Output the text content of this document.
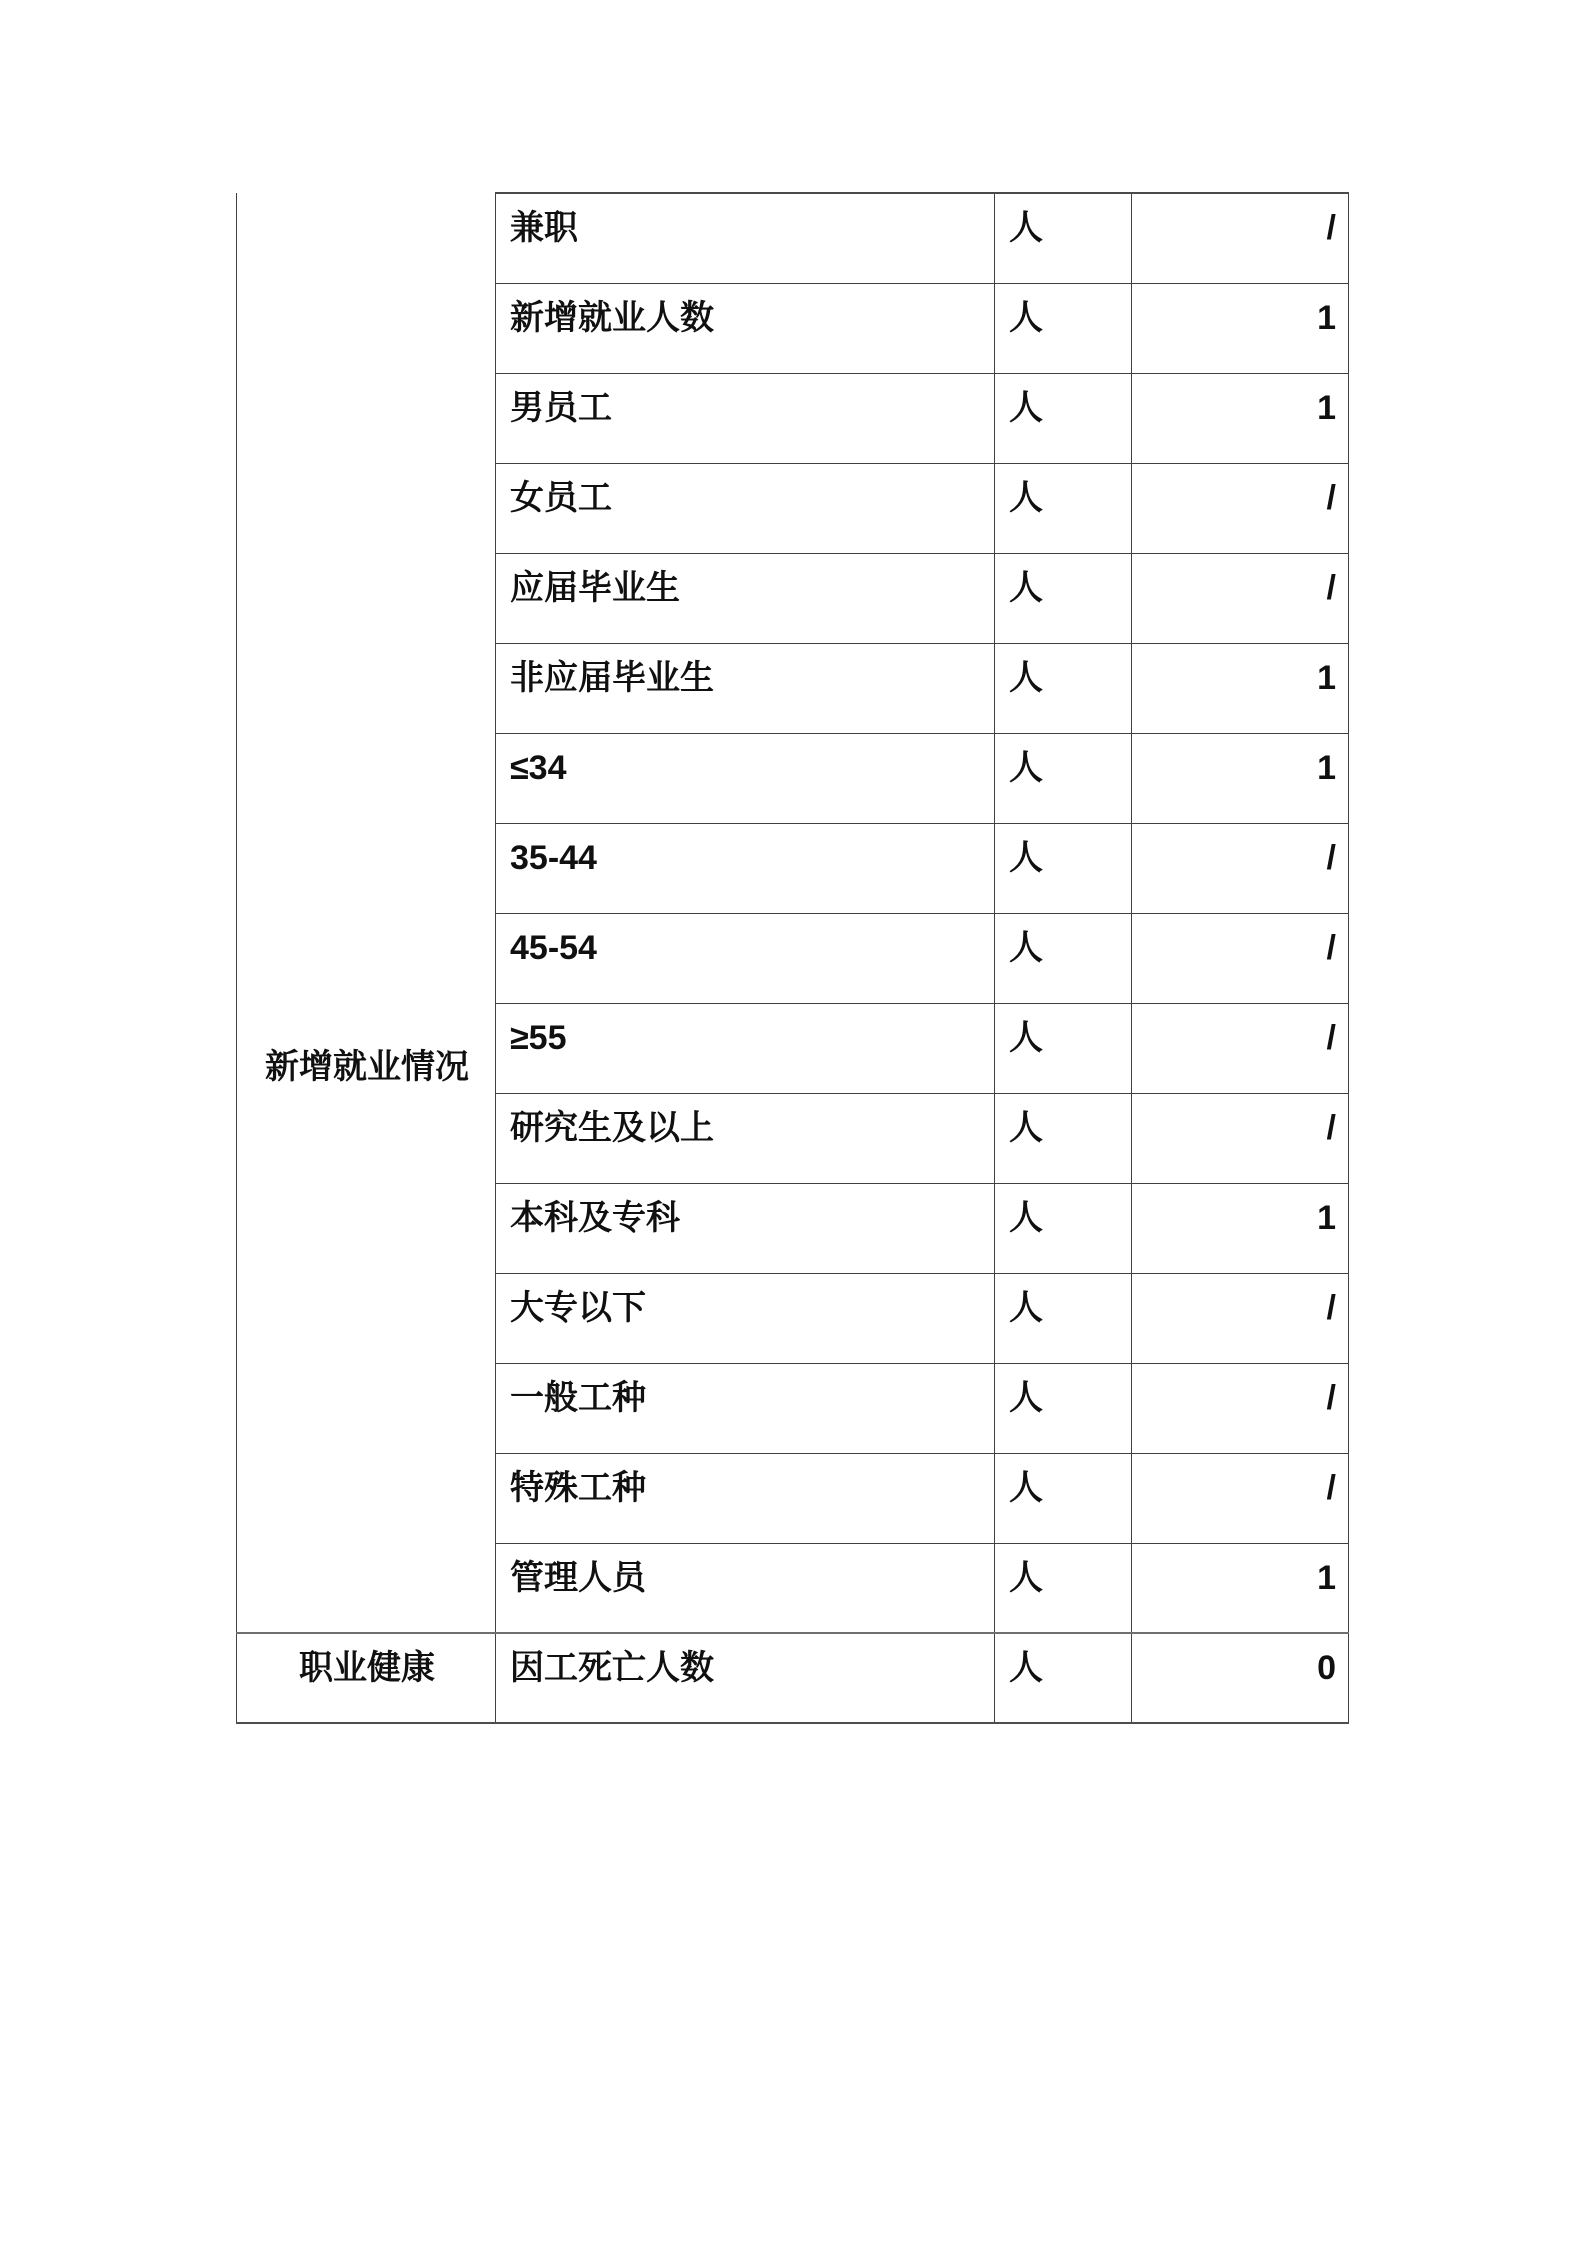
新增就业情况	兼职	人	/
	新增就业人数	人	1
	男员工	人	1
	女员工	人	/
	应届毕业生	人	/
	非应届毕业生	人	1
	≤34	人	1
	35-44	人	/
	45-54	人	/
	≥55	人	/
	研究生及以上	人	/
	本科及专科	人	1
	大专以下	人	/
	一般工种	人	/
	特殊工种	人	/
	管理人员	人	1
职业健康	因工死亡人数	人	0
